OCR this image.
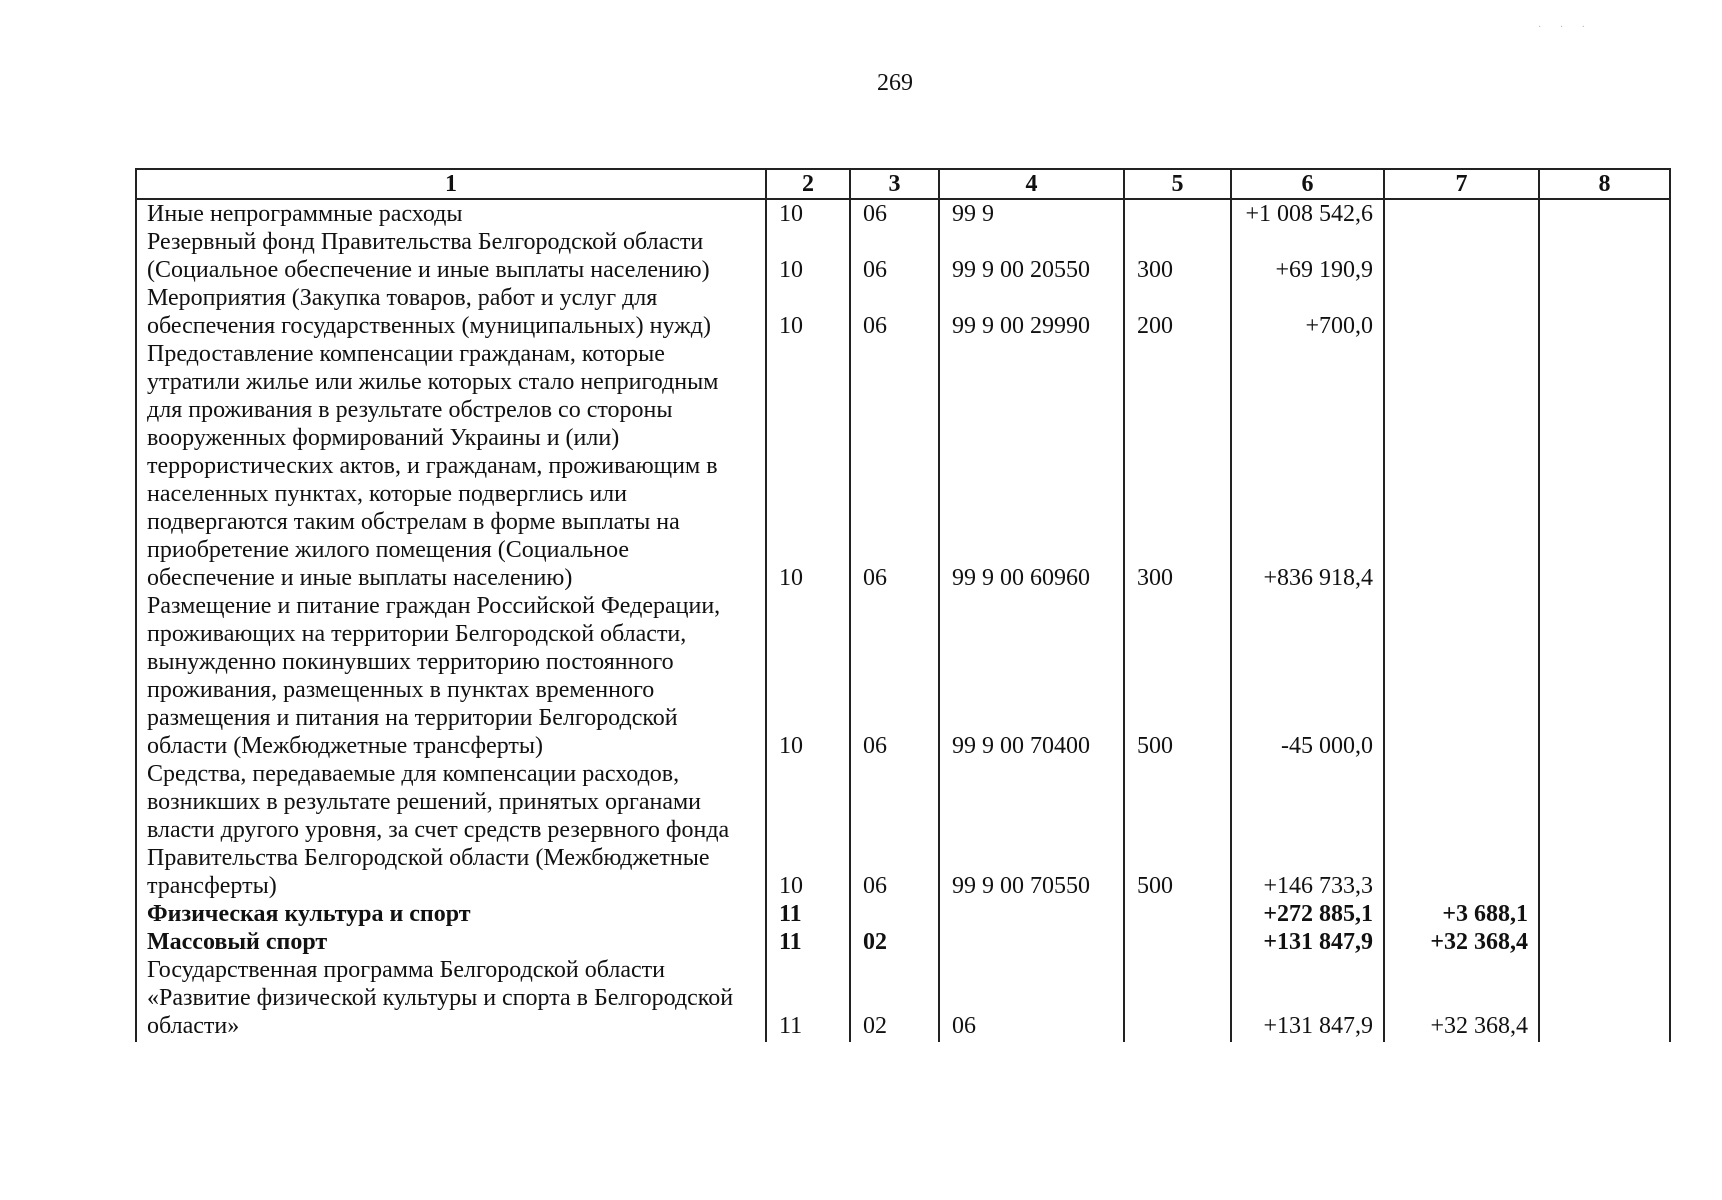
269
· · ·
1	2	3	4	5	6	7	8
Иные непрограммные расходы	10	06	99 9		+1 008 542,6		
Резервный фонд Правительства Белгородской области (Социальное обеспечение и иные выплаты населению)	10	06	99 9 00 20550	300	+69 190,9		
Мероприятия (Закупка товаров, работ и услуг для обеспечения государственных (муниципальных) нужд)	10	06	99 9 00 29990	200	+700,0		
Предоставление компенсации гражданам, которые утратили жилье или жилье которых стало непригодным для проживания в результате обстрелов со стороны вооруженных формирований Украины и (или) террористических актов, и гражданам, проживающим в населенных пунктах, которые подверглись или подвергаются таким обстрелам в форме выплаты на приобретение жилого помещения (Социальное обеспечение и иные выплаты населению)	10	06	99 9 00 60960	300	+836 918,4		
Размещение и питание граждан Российской Федерации, проживающих на территории Белгородской области, вынужденно покинувших территорию постоянного проживания, размещенных в пунктах временного размещения и питания на территории Белгородской области (Межбюджетные трансферты)	10	06	99 9 00 70400	500	-45 000,0		
Средства, передаваемые для компенсации расходов, возникших в результате решений, принятых органами власти другого уровня, за счет средств резервного фонда Правительства Белгородской области (Межбюджетные трансферты)	10	06	99 9 00 70550	500	+146 733,3		
Физическая культура и спорт	11				+272 885,1	+3 688,1	
Массовый спорт	11	02			+131 847,9	+32 368,4	
Государственная программа Белгородской области «Развитие физической культуры и спорта в Белгородской области»	11	02	06		+131 847,9	+32 368,4	
